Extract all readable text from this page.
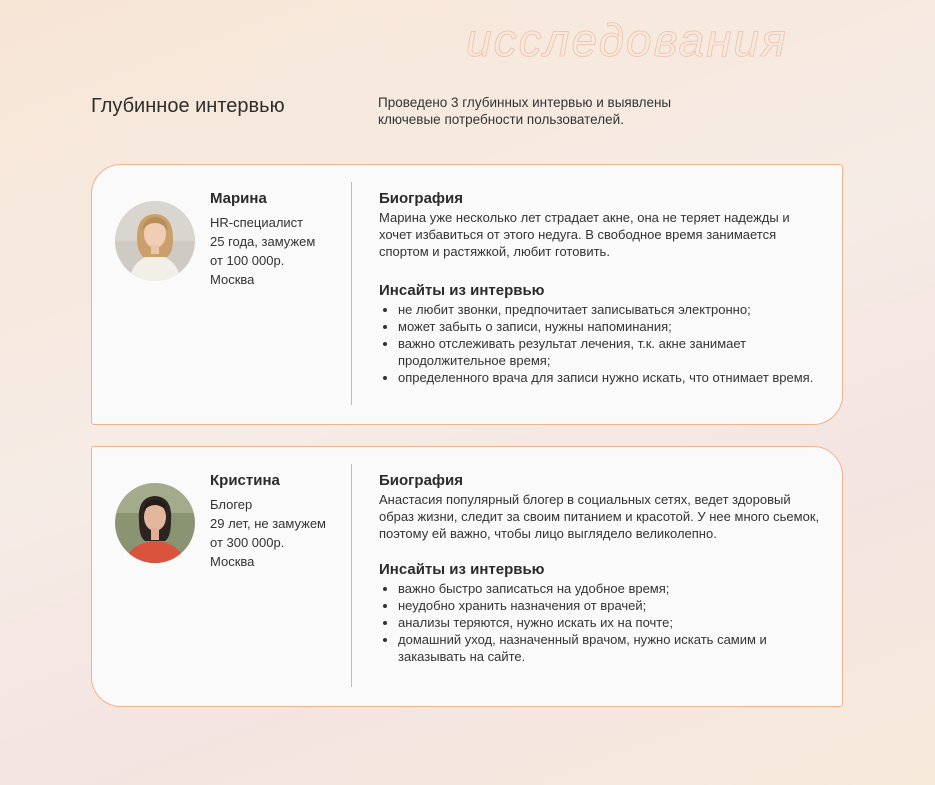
исследования
Глубинное интервью	Проведено 3 глубинных интервью и выявлены ключевые потребности пользователей.
Марина
HR-специалист
25 года, замужем
от 100 000р.
Москва
Биография

Марина уже несколько лет страдает акне, она не теряет надежды и хочет избавиться от этого недуга. В свободное время занимается спортом и растяжкой, любит готовить.

Инсайты из интервью
• не любит звонки, предпочитает записываться электронно;
• может забыть о записи, нужны напоминания;
• важно отслеживать результат лечения, т.к. акне занимает продолжительное время;
• определенного врача для записи нужно искать, что отнимает время.
Кристина
Блогер
29 лет, не замужем
от 300 000р.
Москва
Биография

Анастасия популярный блогер в социальных сетях, ведет здоровый образ жизни, следит за своим питанием и красотой. У нее много сьемок, поэтому ей важно, чтобы лицо выглядело великолепно.

Инсайты из интервью
• важно быстро записаться на удобное время;
• неудобно хранить назначения от врачей;
• анализы теряются, нужно искать их на почте;
• домашний уход, назначенный врачом, нужно искать самим и заказывать на сайте.
